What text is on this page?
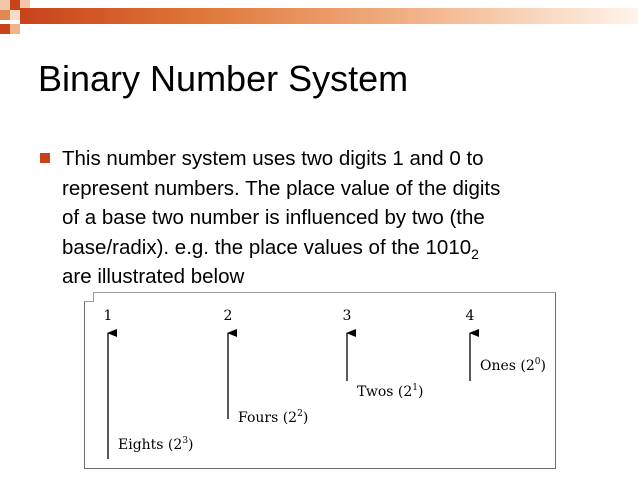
Binary Number System
This number system uses two digits 1 and 0 to
represent numbers. The place value of the digits
of a base two number is influenced by two (the
base/radix). e.g. the place values of the $1010_2$
are illustrated below
1
Eights $(2^3)$
2
Fours $(2^2)$
3
Twos $(2^1)$
4
Ones $(2^0)$
